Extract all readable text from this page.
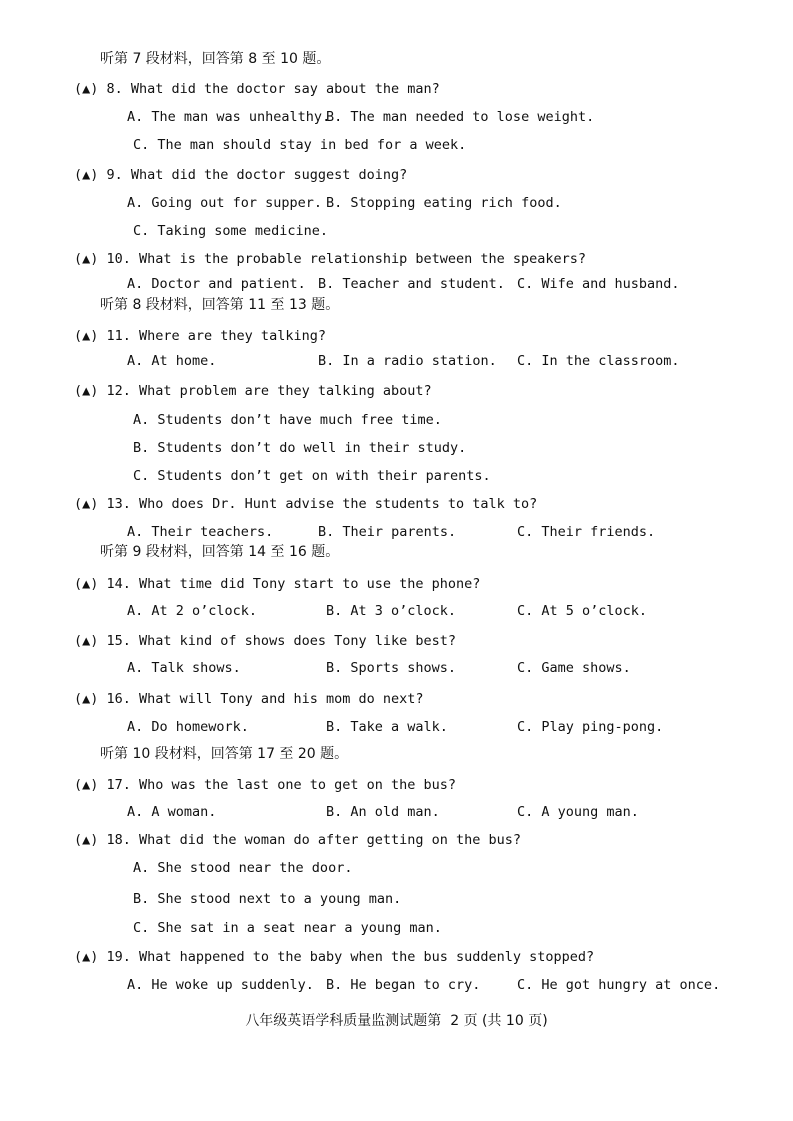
听第 7 段材料，回答第 8 至 10 题。
(▲) 8. What did the doctor say about the man?
A. The man was unhealthy.
B. The man needed to lose weight.
C. The man should stay in bed for a week.
(▲) 9. What did the doctor suggest doing?
A. Going out for supper. B. Stopping eating rich food.
C. Taking some medicine.
(▲) 10. What is the probable relationship between the speakers?
A. Doctor and patient. B. Teacher and student. C. Wife and husband.
听第 8 段材料，回答第 11 至 13 题。
(▲) 11. Where are they talking?
A. At home.	B. In a radio station. C. In the classroom.
(▲) 12. What problem are they talking about?
A. Students don’t have much free time.
B. Students don’t do well in their study.
C. Students don’t get on with their parents.
(▲) 13. Who does Dr. Hunt advise the students to talk to?
A. Their teachers.	B. Their parents.	C. Their friends.
听第 9 段材料，回答第 14 至 16 题。
(▲) 14. What time did Tony start to use the phone?
A. At 2 o’clock.	B. At 3 o’clock.	C. At 5 o’clock.
(▲) 15. What kind of shows does Tony like best?
A. Talk shows.	B. Sports shows.	C. Game shows.
(▲) 16. What will Tony and his mom do next?
A. Do homework.	B. Take a walk.	C. Play ping-pong.
听第 10 段材料，回答第 17 至 20 题。
(▲) 17. Who was the last one to get on the bus?
A. A woman.	B. An old man.	C. A young man.
(▲) 18. What did the woman do after getting on the bus?
A. She stood near the door.
B. She stood next to a young man.
C. She sat in a seat near a young man.
(▲) 19. What happened to the baby when the bus suddenly stopped?
A. He woke up suddenly. B. He began to cry.	C. He got hungry at once.
八年级英语学科质量监测试题第  2 页 (共 10 页)
